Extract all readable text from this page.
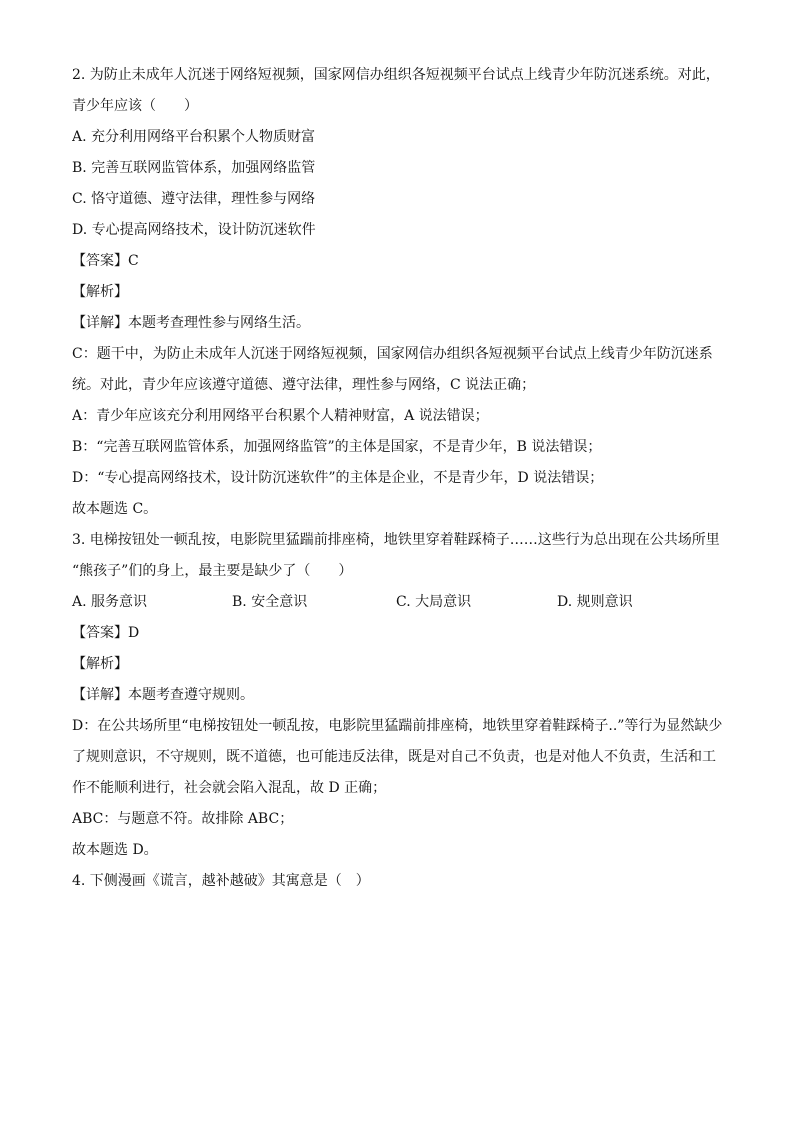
2. 为防止未成年人沉迷于网络短视频，国家网信办组织各短视频平台试点上线青少年防沉迷系统。对此，
青少年应该（　　）
A. 充分利用网络平台积累个人物质财富
B. 完善互联网监管体系，加强网络监管
C. 恪守道德、遵守法律，理性参与网络
D. 专心提高网络技术，设计防沉迷软件
【答案】C
【解析】
【详解】本题考查理性参与网络生活。
C：题干中，为防止未成年人沉迷于网络短视频，国家网信办组织各短视频平台试点上线青少年防沉迷系
统。对此，青少年应该遵守道德、遵守法律，理性参与网络，C 说法正确；
A：青少年应该充分利用网络平台积累个人精神财富，A 说法错误；
B：“完善互联网监管体系，加强网络监管”的主体是国家，不是青少年，B 说法错误；
D：“专心提高网络技术，设计防沉迷软件”的主体是企业，不是青少年，D 说法错误；
故本题选 C。
3. 电梯按钮处一顿乱按，电影院里猛踹前排座椅，地铁里穿着鞋踩椅子……这些行为总出现在公共场所里
“熊孩子”们的身上，最主要是缺少了（　　）
A. 服务意识	B. 安全意识	C. 大局意识	D. 规则意识
【答案】D
【解析】
【详解】本题考查遵守规则。
D：在公共场所里“电梯按钮处一顿乱按，电影院里猛踹前排座椅，地铁里穿着鞋踩椅子..”等行为显然缺少
了规则意识，不守规则，既不道德，也可能违反法律，既是对自己不负责，也是对他人不负责，生活和工
作不能顺利进行，社会就会陷入混乱，故 D 正确；
ABC：与题意不符。故排除 ABC；
故本题选 D。
4. 下侧漫画《谎言，越补越破》其寓意是（　）
